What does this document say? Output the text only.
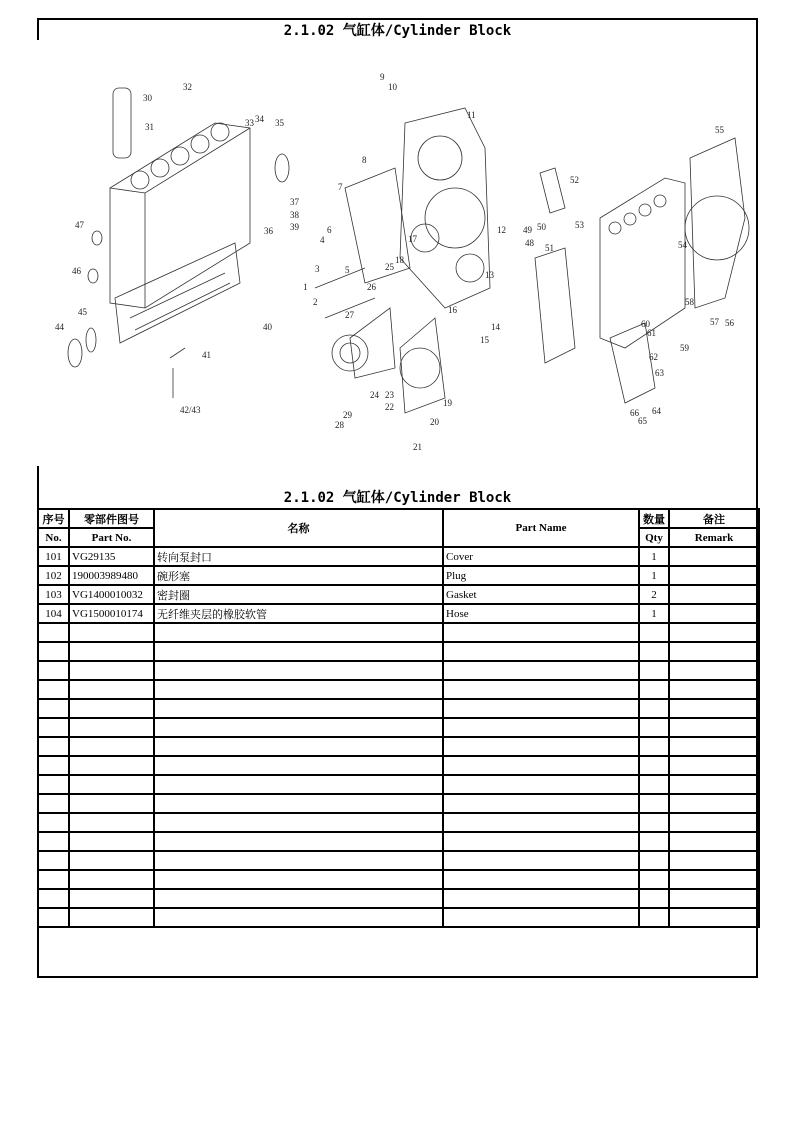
2.1.02 气缸体/Cylinder Block
30
31
32
33 34 35
37
38
39
36
40
41
42/43
44
45
46
47
9
10
11
12
13
14
15
16
17
18
19
20
21
22
23
24
25
26
27
28
29
1
2
3
4
5
6
7
8
48
49 50
51
52
53
54
55
56
57
58
59
60
61
62
63
64
65
66
2.1.02 气缸体/Cylinder Block
序号	零部件图号	名称	Part Name	数量	备注
No.	Part No.			Qty	Remark
101	VG29135	转向泵封口	Cover	1	
102	190003989480	碗形塞	Plug	1	
103	VG1400010032	密封圈	Gasket	2	
104	VG1500010174	无纤维夹层的橡胶软管	Hose	1	
